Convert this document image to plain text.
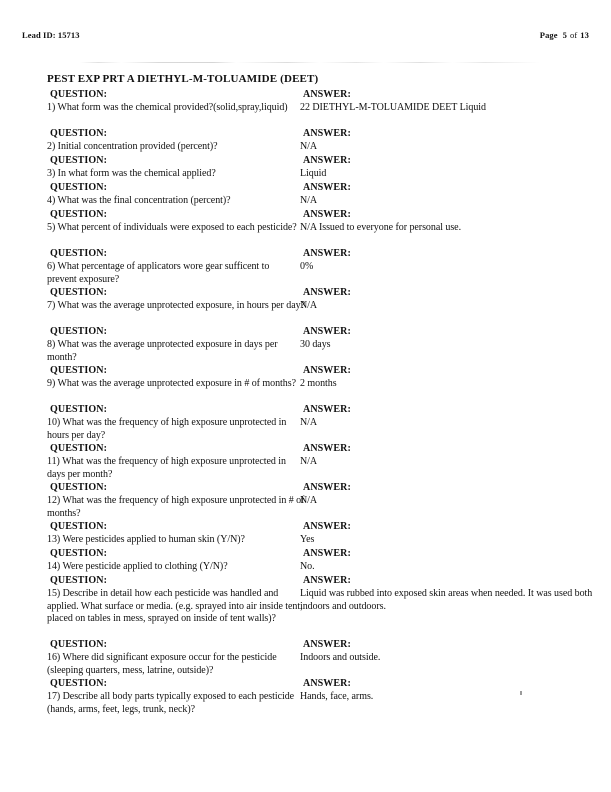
Lead ID: 15713	Page 5 of 13
PEST EXP PRT A DIETHYL-M-TOLUAMIDE (DEET)
QUESTION:	ANSWER:
1) What form was the chemical provided?(solid,spray,liquid)	22 DIETHYL-M-TOLUAMIDE DEET Liquid
QUESTION:	ANSWER:
2) Initial concentration provided (percent)?	N/A
QUESTION:	ANSWER:
3) In what form was the chemical applied?	Liquid
QUESTION:	ANSWER:
4) What was the final concentration (percent)?	N/A
QUESTION:	ANSWER:
5) What percent of individuals were exposed to each pesticide? N/A Issued to everyone for personal use.
QUESTION:	ANSWER:
6) What percentage of applicators wore gear sufficent to prevent exposure?
0%
QUESTION:	ANSWER:
7) What was the average unprotected exposure, in hours per day?
N/A
QUESTION:	ANSWER:
8) What was the average unprotected exposure in days per month?
30 days
QUESTION:	ANSWER:
9) What was the average unprotected exposure in # of months? 2 months
QUESTION:	ANSWER:
10) What was the frequency of high exposure unprotected in hours per day?
N/A
QUESTION:	ANSWER:
11) What was the frequency of high exposure unprotected in days per month?
N/A
QUESTION:	ANSWER:
12) What was the frequency of high exposure unprotected in # of months?
N/A
QUESTION:	ANSWER:
13) Were pesticides applied to human skin (Y/N)?	Yes
QUESTION:	ANSWER:
14) Were pesticide applied to clothing (Y/N)?	No.
QUESTION:	ANSWER:
15) Describe in detail how each pesticide was handled and applied. What surface or media. (e.g. sprayed into air inside tent, placed on tables in mess, sprayed on inside of tent walls)?
Liquid was rubbed into exposed skin areas when needed. It was used both indoors and outdoors.
QUESTION:	ANSWER:
16) Where did significant exposure occur for the pesticide (sleeping quarters, mess, latrine, outside)?
Indoors and outside.
QUESTION:	ANSWER:
17) Describe all body parts typically exposed to each pesticide (hands, arms, feet, legs, trunk, neck)?
Hands, face, arms.
